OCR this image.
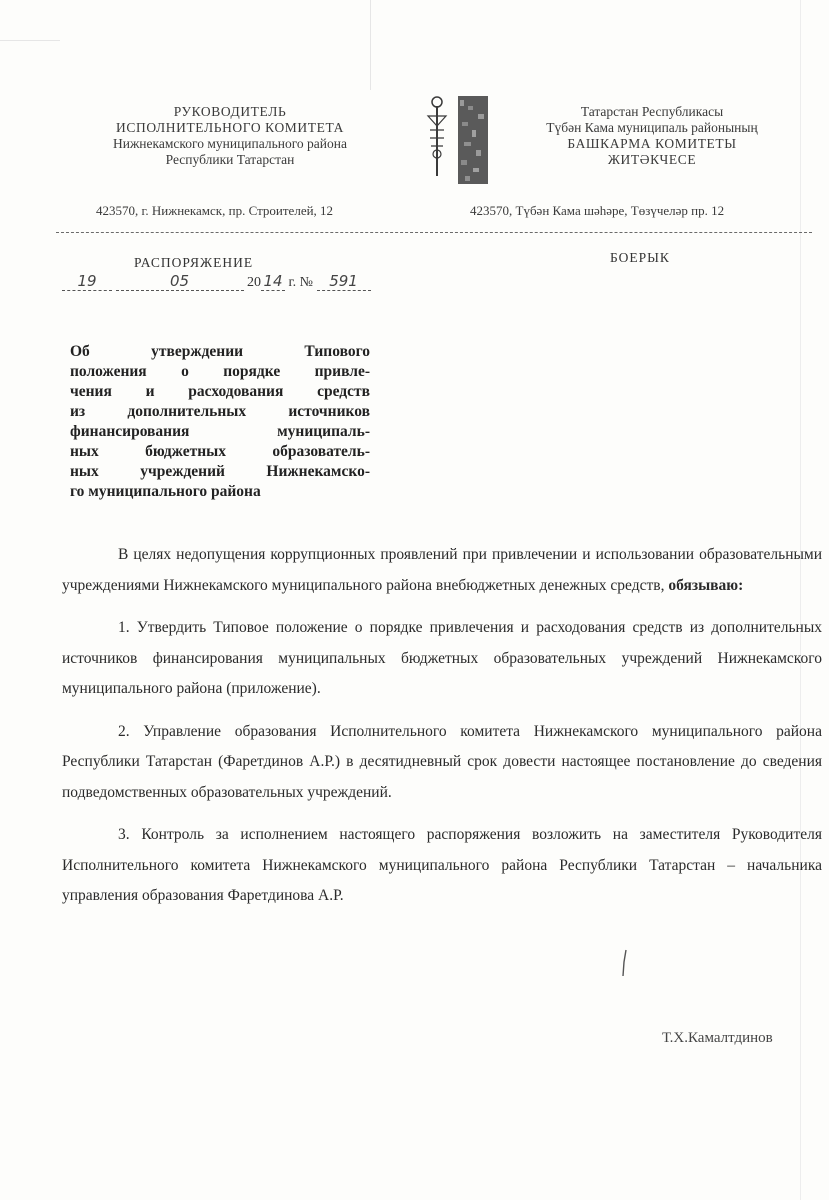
РУКОВОДИТЕЛЬ
ИСПОЛНИТЕЛЬНОГО КОМИТЕТА
Нижнекамского муниципального района
Республики Татарстан
Татарстан Республикасы
Түбән Кама муниципаль районының
БАШКАРМА КОМИТЕТЫ
ЖИТӘКЧЕСЕ
423570, г. Нижнекамск, пр. Строителей, 12	423570, Түбән Кама шәһәре, Төзүчеләр пр. 12
РАСПОРЯЖЕНИЕ	БОЕРЫК
19	05	20 14 г. № 591
Об утверждении Типового
положения о порядке привле-
чения и расходования средств
из дополнительных источников
финансирования муниципаль-
ных бюджетных образователь-
ных учреждений Нижнекамско-
го муниципального района

В целях недопущения коррупционных проявлений при привлечении и использовании образовательными учреждениями Нижнекамского муниципального района внебюджетных денежных средств, обязываю:

1. Утвердить Типовое положение о порядке привлечения и расходования средств из дополнительных источников финансирования муниципальных бюджетных образовательных учреждений Нижнекамского муниципального района (приложение).

2. Управление образования Исполнительного комитета Нижнекамского муниципального района Республики Татарстан (Фаретдинов А.Р.) в десятидневный срок довести настоящее постановление до сведения подведомственных образовательных учреждений.

3. Контроль за исполнением настоящего распоряжения возложить на заместителя Руководителя Исполнительного комитета Нижнекамского муниципального района Республики Татарстан – начальника управления образования Фаретдинова А.Р.

Т.Х.Камалтдинов
